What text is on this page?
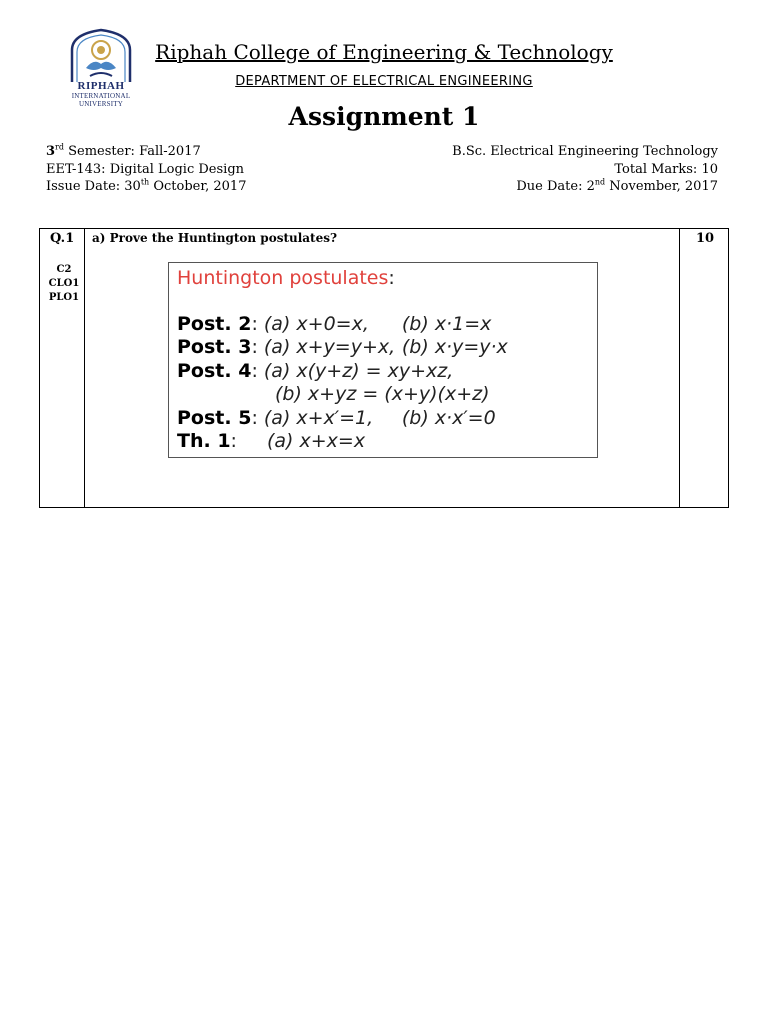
RIPHAH
INTERNATIONAL
UNIVERSITY
Riphah College of Engineering & Technology
DEPARTMENT OF ELECTRICAL ENGINEERING
Assignment 1
3rd Semester: Fall-2017	B.Sc. Electrical Engineering Technology
EET-143: Digital Logic Design	Total Marks: 10
Issue Date: 30th October, 2017	Due Date: 2nd November, 2017
Q.1
C2
CLO1
PLO1
a) Prove the Huntington postulates?	10
Huntington postulates:
Post. 2: (a) x+0=x, (b) x·1=x
Post. 3: (a) x+y=y+x, (b) x·y=y·x
Post. 4: (a) x(y+z) = xy+xz,
(b) x+yz = (x+y)(x+z)
Post. 5: (a) x+x′=1, (b) x·x′=0
Th. 1: (a) x+x=x
